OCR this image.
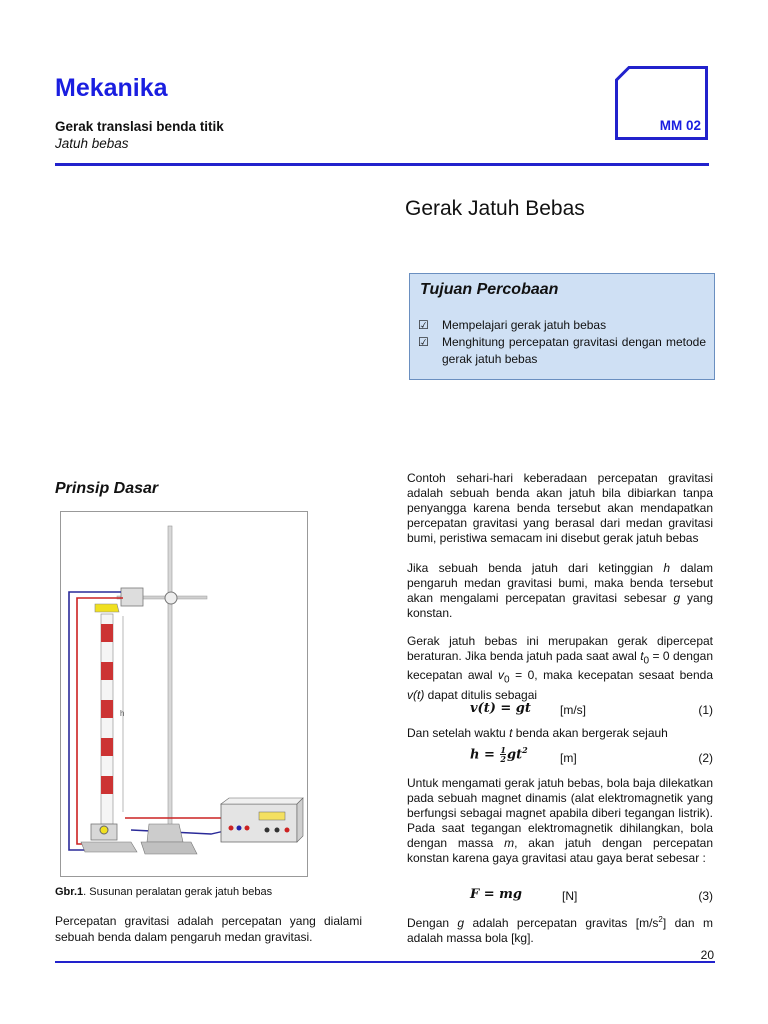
Mekanika
Gerak translasi benda titik
Jatuh bebas
MM 02
Gerak Jatuh Bebas
Tujuan Percobaan
☑	Mempelajari gerak jatuh bebas
☑	Menghitung percepatan gravitasi dengan metode gerak jatuh bebas
Prinsip Dasar
h
Gbr.1. Susunan peralatan gerak jatuh bebas
Percepatan gravitasi adalah percepatan yang dialami sebuah benda dalam pengaruh medan gravitasi.
Contoh sehari-hari keberadaan percepatan gravitasi adalah sebuah benda akan jatuh bila dibiarkan tanpa penyangga karena benda tersebut akan mendapatkan percepatan gravitasi yang berasal dari medan gravitasi bumi, peristiwa semacam ini disebut gerak jatuh bebas
Jika sebuah benda jatuh dari ketinggian h dalam pengaruh medan gravitasi bumi, maka benda tersebut akan mengalami percepatan gravitasi sebesar g yang konstan.
Gerak jatuh bebas ini merupakan gerak dipercepat beraturan. Jika benda jatuh pada saat awal $t_0 = 0$ dengan kecepatan awal $v_0 = 0$, maka kecepatan sesaat benda v(t) dapat ditulis sebagai
v(t) = gt [m/s]	(1)
Dan setelah waktu t benda akan bergerak sejauh
$h = \frac{1}{2} gt^2$
[m]	(2)
Untuk mengamati gerak jatuh bebas, bola baja dilekatkan pada sebuah magnet dinamis (alat elektromagnetik yang berfungsi sebagai magnet apabila diberi tegangan listrik). Pada saat tegangan elektromagnetik dihilangkan, bola dengan massa m, akan jatuh dengan percepatan konstan karena gaya gravitasi atau gaya berat sebesar :
F = mg	[N]	(3)
Dengan g adalah percepatan gravitas $[m/s^2]$ dan m adalah massa bola [kg].
20
